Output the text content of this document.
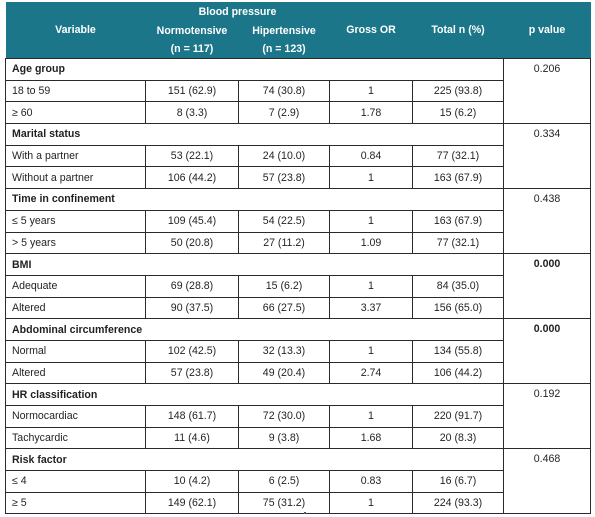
Variable	Blood pressure		Gross OR	Total n (%)	p value
	Normotensive	Hipertensive			
	(n = 117)	(n = 123)			
Age group					0.206
18 to 59	151 (62.9)	74 (30.8)	1	225 (93.8)	
≥ 60	8 (3.3)	7 (2.9)	1.78	15 (6.2)	
Marital status					0.334
With a partner	53 (22.1)	24 (10.0)	0.84	77 (32.1)	
Without a partner	106 (44.2)	57 (23.8)	1	163 (67.9)	
Time in confinement					0.438
≤ 5 years	109 (45.4)	54 (22.5)	1	163 (67.9)	
> 5 years	50 (20.8)	27 (11.2)	1.09	77 (32.1)	
BMI					0.000
Adequate	69 (28.8)	15 (6.2)	1	84 (35.0)	
Altered	90 (37.5)	66 (27.5)	3.37	156 (65.0)	
Abdominal circumference					0.000
Normal	102 (42.5)	32 (13.3)	1	134 (55.8)	
Altered	57 (23.8)	49 (20.4)	2.74	106 (44.2)	
HR classification					0.192
Normocardiac	148 (61.7)	72 (30.0)	1	220 (91.7)	
Tachycardic	11 (4.6)	9 (3.8)	1.68	20 (8.3)	
Risk factor					0.468
≤ 4	10 (4.2)	6 (2.5)	0.83	16 (6.7)	
≥ 5	149 (62.1)	75 (31.2)	1	224 (93.3)	
